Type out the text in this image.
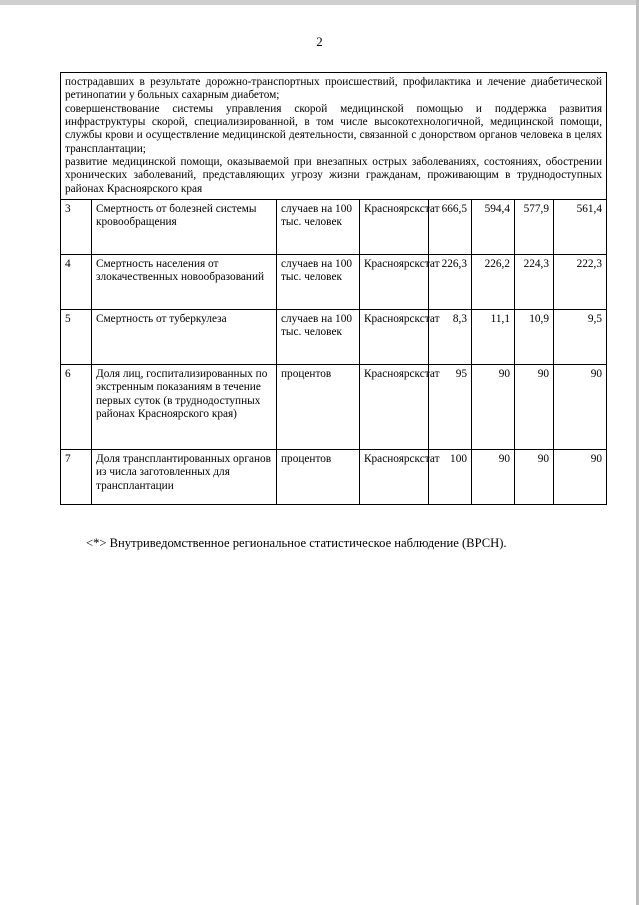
2
пострадавших в результате дорожно-транспортных происшествий, профилактика и лечение диабетической ретинопатии у больных сахарным диабетом;
совершенствование системы управления скорой медицинской помощью и поддержка развития инфраструктуры скорой, специализированной, в том числе высокотехнологичной, медицинской помощи, службы крови и осуществление медицинской деятельности, связанной с донорством органов человека в целях трансплантации;
развитие медицинской помощи, оказываемой при внезапных острых заболеваниях, состояниях, обострении хронических заболеваний, представляющих угрозу жизни гражданам, проживающим в труднодоступных районах Красноярского края							

3	Смертность от болезней системы кровообращения	случаев на 100 тыс. человек	Красноярскстат	666,5	594,4	577,9	561,4
4	Смертность населения от злокачественных новообразований	случаев на 100 тыс. человек	Красноярскстат	226,3	226,2	224,3	222,3
5	Смертность от туберкулеза	случаев на 100 тыс. человек	Красноярскстат	8,3	11,1	10,9	9,5
6	Доля лиц, госпитализированных по экстренным показаниям в течение первых суток (в труднодоступных районах Красноярского края)	процентов	Красноярскстат	95	90	90	90
7	Доля трансплантированных органов из числа заготовленных для трансплантации	процентов	Красноярскстат	100	90	90	90
<*> Внутриведомственное региональное статистическое наблюдение (ВРСН).
